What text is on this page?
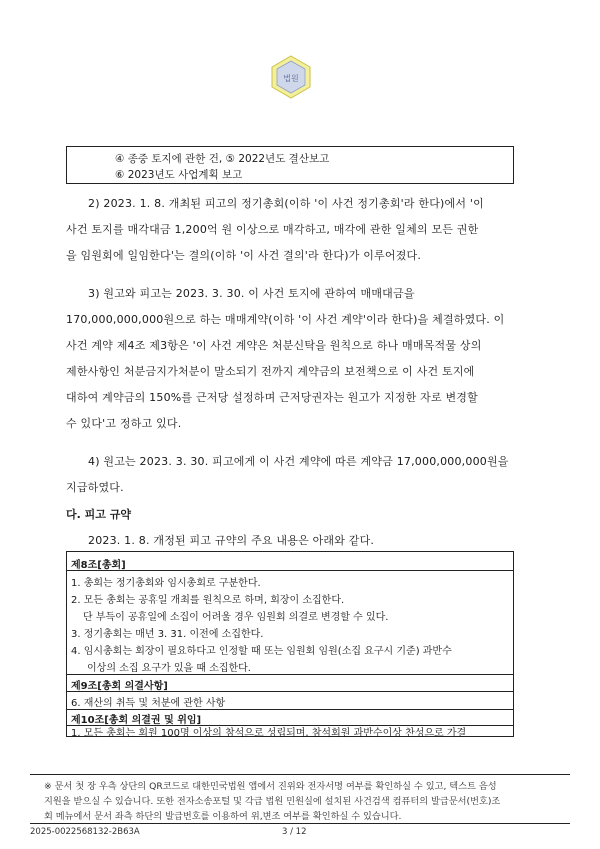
법원
④ 종중 토지에 관한 건, ⑤ 2022년도 결산보고
⑥ 2023년도 사업계획 보고
2) 2023. 1. 8. 개최된 피고의 정기총회(이하 '이 사건 정기총회'라 한다)에서 '이
사건 토지를 매각대금 1,200억 원 이상으로 매각하고, 매각에 관한 일체의 모든 권한
을 임원회에 일임한다'는 결의(이하 '이 사건 결의'라 한다)가 이루어졌다.
3) 원고와 피고는 2023. 3. 30. 이 사건 토지에 관하여 매매대금을
170,000,000,000원으로 하는 매매계약(이하 '이 사건 계약'이라 한다)을 체결하였다. 이
사건 계약 제4조 제3항은 '이 사건 계약은 처분신탁을 원칙으로 하나 매매목적물 상의
제한사항인 처분금지가처분이 말소되기 전까지 계약금의 보전책으로 이 사건 토지에
대하여 계약금의 150%를 근저당 설정하며 근저당권자는 원고가 지정한 자로 변경할
수 있다'고 정하고 있다.
4) 원고는 2023. 3. 30. 피고에게 이 사건 계약에 따른 계약금 17,000,000,000원을
지급하였다.
다. 피고 규약
2023. 1. 8. 개정된 피고 규약의 주요 내용은 아래와 같다.
제8조[총회]
1. 총회는 정기총회와 임시총회로 구분한다.
2. 모든 총회는 공휴일 개최를 원칙으로 하며, 회장이 소집한다.
단 부득이 공휴일에 소집이 어려울 경우 임원회 의결로 변경할 수 있다.
3. 정기총회는 매년 3. 31. 이전에 소집한다.
4. 임시총회는 회장이 필요하다고 인정할 때 또는 임원회 임원(소집 요구시 기준) 과반수
이상의 소집 요구가 있을 때 소집한다.
제9조[총회 의결사항]
6. 재산의 취득 및 처분에 관한 사항
제10조[총회 의결권 및 위임]
1. 모든 총회는 회원 100명 이상의 참석으로 성립되며, 참석회원 과반수이상 찬성으로 가결
※ 문서 첫 장 우측 상단의 QR코드로 대한민국법원 앱에서 진위와 전자서명 여부를 확인하실 수 있고, 텍스트 음성
지원을 받으실 수 있습니다. 또한 전자소송포털 및 각급 법원 민원실에 설치된 사건검색 컴퓨터의 발급문서(번호)조
회 메뉴에서 문서 좌측 하단의 발급번호를 이용하여 위,변조 여부를 확인하실 수 있습니다.
2025-0022568132-2B63A	3 / 12
